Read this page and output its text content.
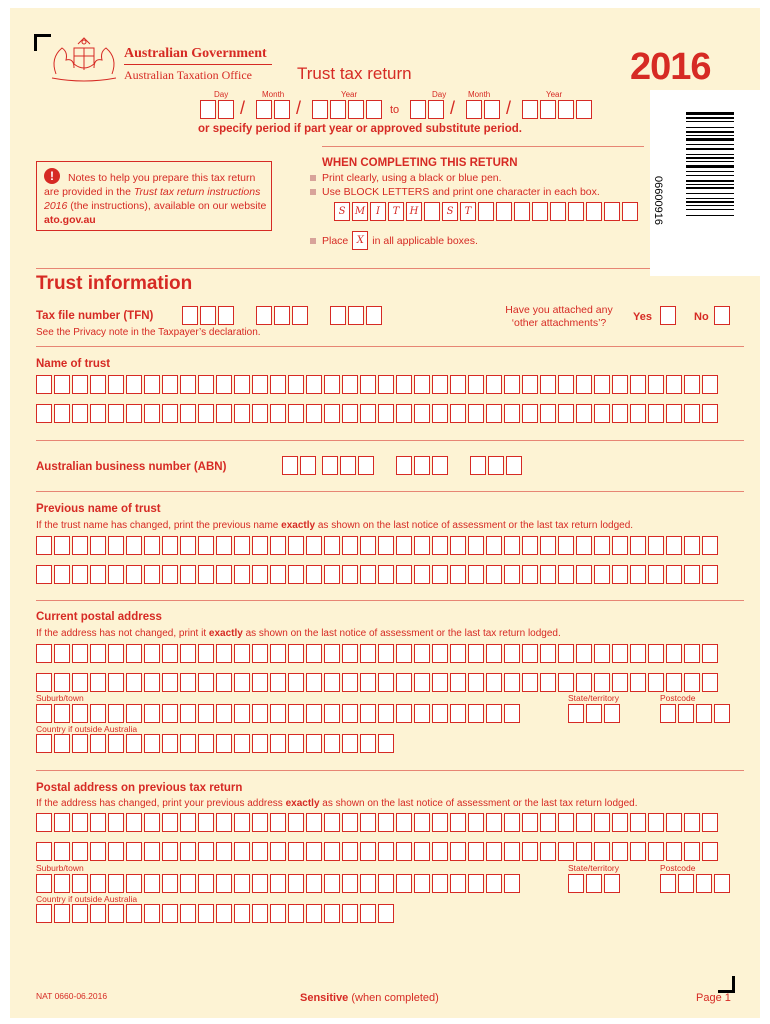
Australian Government
Australian Taxation Office	Trust tax return	2016
06600916
Day	Month	Year	Day	Month	Year
/	/	to	/	/
or specify period if part year or approved substitute period.
!	Notes to help you prepare this tax return are provided in the Trust tax return instructions 2016 (the instructions), available on our website ato.gov.au
WHEN COMPLETING THIS RETURN
Print clearly, using a black or blue pen.
Use BLOCK LETTERS and print one character in each box.
S M	I	T	H	S	T
Place X in all applicable boxes.
Trust information
Tax file number (TFN)
See the Privacy note in the Taxpayer’s declaration.
Have you attached any ‘other attachments’?	Yes	No
Name of trust
Australian business number (ABN)
Previous name of trust
If the trust name has changed, print the previous name exactly as shown on the last notice of assessment or the last tax return lodged.
Current postal address
If the address has not changed, print it exactly as shown on the last notice of assessment or the last tax return lodged.
Suburb/town	State/territory	Postcode
Country if outside Australia
Postal address on previous tax return
If the address has changed, print your previous address exactly as shown on the last notice of assessment or the last tax return lodged.
Suburb/town	State/territory	Postcode
Country if outside Australia
NAT 0660-06.2016	Sensitive (when completed)	Page 1
